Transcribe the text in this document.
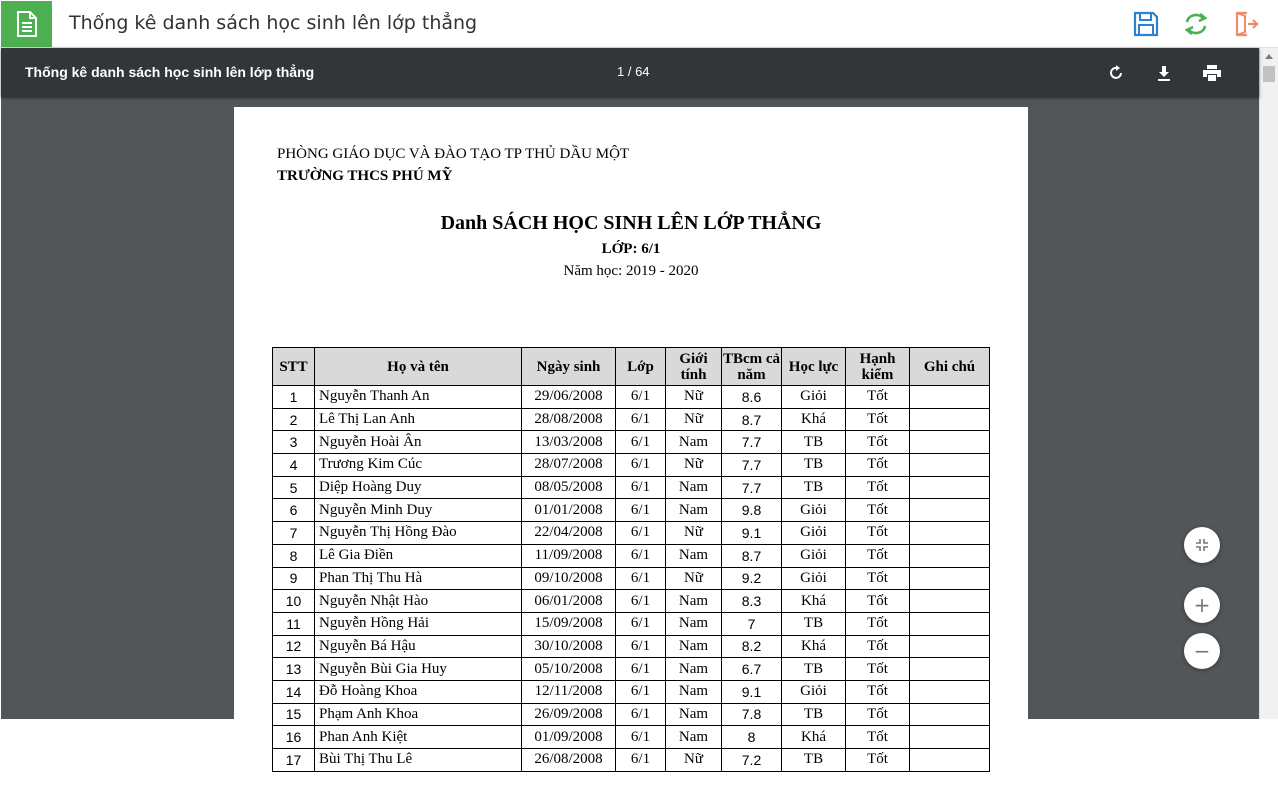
Thống kê danh sách học sinh lên lớp thẳng
Thống kê danh sách học sinh lên lớp thẳng	1 / 64
PHÒNG GIÁO DỤC VÀ ĐÀO TẠO TP THỦ DẦU MỘT
TRƯỜNG THCS PHÚ MỸ
Danh SÁCH HỌC SINH LÊN LỚP THẲNG
LỚP: 6/1
Năm học: 2019 - 2020
STT	Họ và tên	Ngày sinh	Lớp	Giới tính	TBcm cả năm	Học lực	Hạnh kiểm	Ghi chú
1	Nguyễn Thanh An	29/06/2008	6/1	Nữ	8.6	Giỏi	Tốt	
2	Lê Thị Lan Anh	28/08/2008	6/1	Nữ	8.7	Khá	Tốt	
3	Nguyễn Hoài Ân	13/03/2008	6/1	Nam	7.7	TB	Tốt	
4	Trương Kim Cúc	28/07/2008	6/1	Nữ	7.7	TB	Tốt	
5	Diệp Hoàng Duy	08/05/2008	6/1	Nam	7.7	TB	Tốt	
6	Nguyễn Minh Duy	01/01/2008	6/1	Nam	9.8	Giỏi	Tốt	
7	Nguyễn Thị Hồng Đào	22/04/2008	6/1	Nữ	9.1	Giỏi	Tốt	
8	Lê Gia Điền	11/09/2008	6/1	Nam	8.7	Giỏi	Tốt	
9	Phan Thị Thu Hà	09/10/2008	6/1	Nữ	9.2	Giỏi	Tốt	
10	Nguyễn Nhật Hào	06/01/2008	6/1	Nam	8.3	Khá	Tốt	
11	Nguyễn Hồng Hải	15/09/2008	6/1	Nam	7	TB	Tốt	
12	Nguyễn Bá Hậu	30/10/2008	6/1	Nam	8.2	Khá	Tốt	
13	Nguyễn Bùi Gia Huy	05/10/2008	6/1	Nam	6.7	TB	Tốt	
14	Đỗ Hoàng Khoa	12/11/2008	6/1	Nam	9.1	Giỏi	Tốt	
15	Phạm Anh Khoa	26/09/2008	6/1	Nam	7.8	TB	Tốt	
16	Phan Anh Kiệt	01/09/2008	6/1	Nam	8	Khá	Tốt	
17	Bùi Thị Thu Lê	26/08/2008	6/1	Nữ	7.2	TB	Tốt	
+
−
